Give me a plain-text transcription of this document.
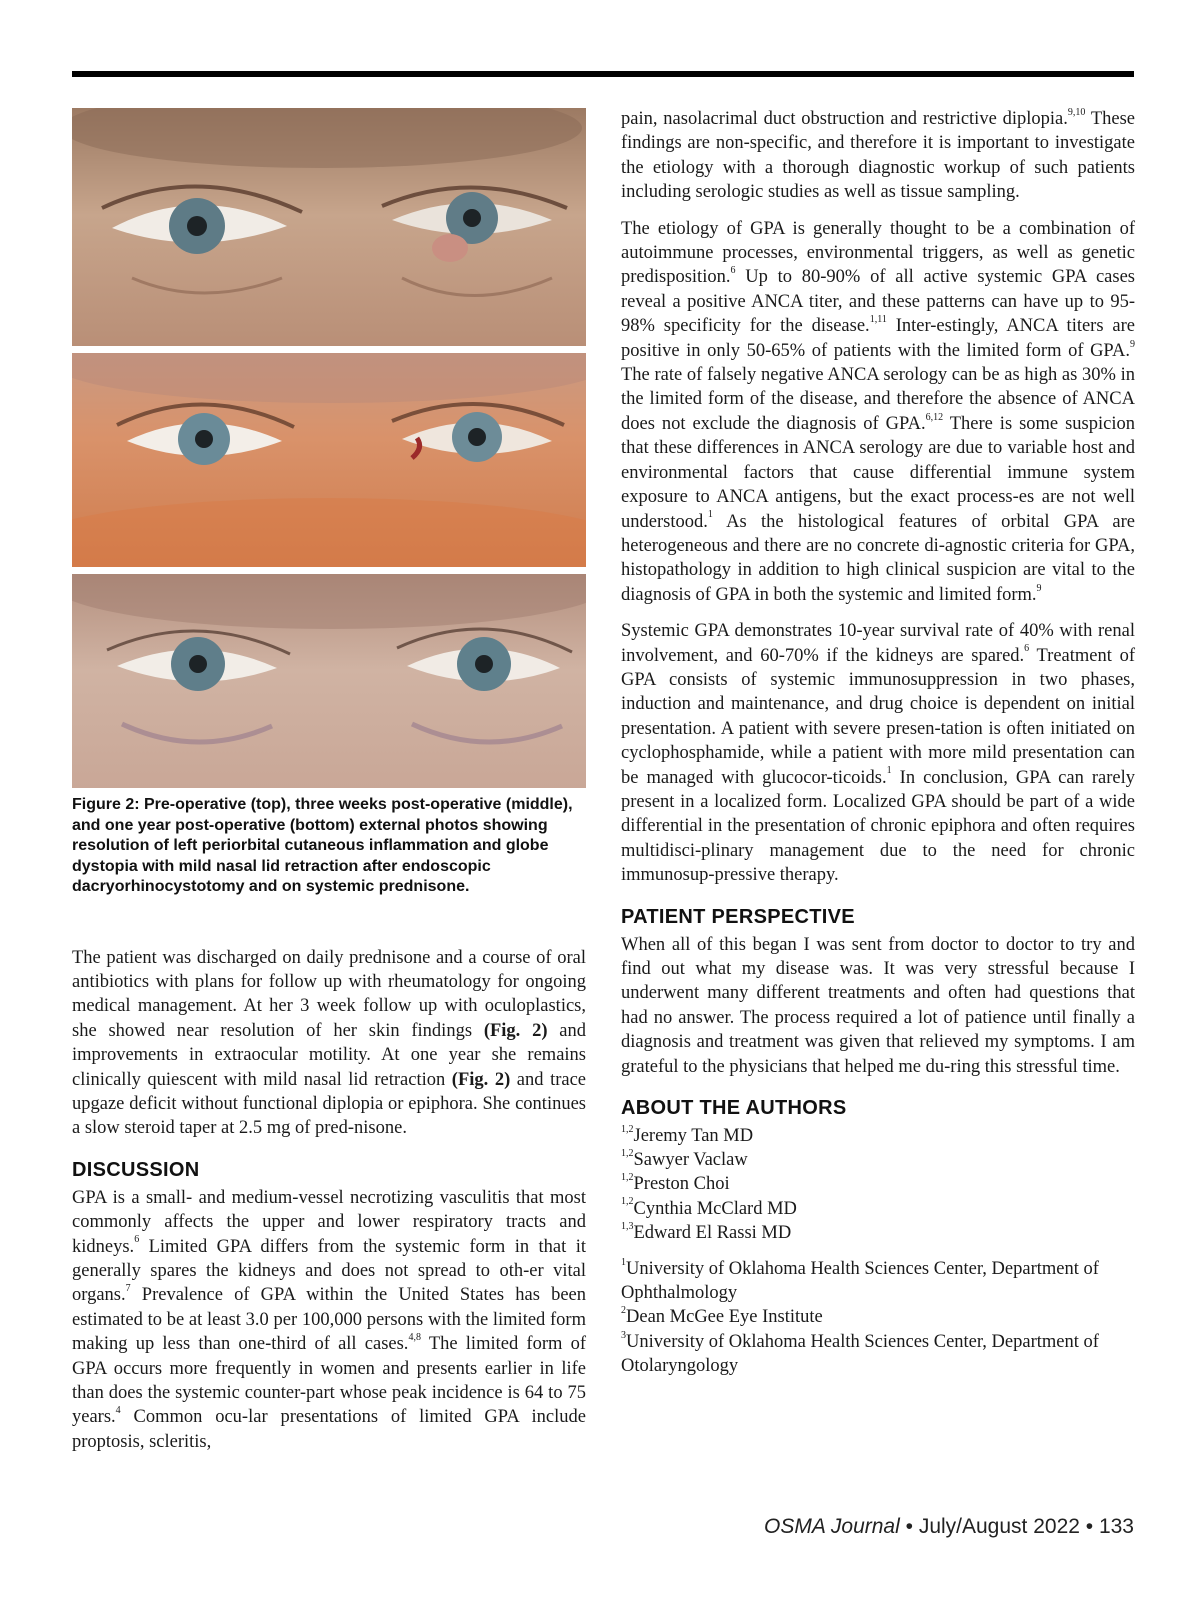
Figure 2: Pre-operative (top), three weeks post-operative (middle), and one year post-operative (bottom) external photos showing resolution of left periorbital cutaneous inflammation and globe dystopia with mild nasal lid retraction after endoscopic dacryorhinocystotomy and on systemic prednisone.

The patient was discharged on daily prednisone and a course of oral antibiotics with plans for follow up with rheumatology for ongoing medical management. At her 3 week follow up with oculoplastics, she showed near resolution of her skin findings (Fig. 2) and improvements in extraocular motility. At one year she remains clinically quiescent with mild nasal lid retraction (Fig. 2) and trace upgaze deficit without functional diplopia or epiphora. She continues a slow steroid taper at 2.5 mg of pred-nisone.

DISCUSSION

GPA is a small- and medium-vessel necrotizing vasculitis that most commonly affects the upper and lower respiratory tracts and kidneys.$^6$ Limited GPA differs from the systemic form in that it generally spares the kidneys and does not spread to oth-er vital organs.$^7$ Prevalence of GPA within the United States has been estimated to be at least 3.0 per 100,000 persons with the limited form making up less than one-third of all cases.$^{4,8}$ The limited form of GPA occurs more frequently in women and presents earlier in life than does the systemic counter-part whose peak incidence is 64 to 75 years.$^4$ Common ocu-lar presentations of limited GPA include proptosis, scleritis,

pain, nasolacrimal duct obstruction and restrictive diplopia.$^{9,10}$ These findings are non-specific, and therefore it is important to investigate the etiology with a thorough diagnostic workup of such patients including serologic studies as well as tissue sampling.

The etiology of GPA is generally thought to be a combination of autoimmune processes, environmental triggers, as well as genetic predisposition.$^6$ Up to 80-90% of all active systemic GPA cases reveal a positive ANCA titer, and these patterns can have up to 95-98% specificity for the disease.$^{1,11}$ Inter-estingly, ANCA titers are positive in only 50-65% of patients with the limited form of GPA.$^9$ The rate of falsely negative ANCA serology can be as high as 30% in the limited form of the disease, and therefore the absence of ANCA does not exclude the diagnosis of GPA.$^{6,12}$ There is some suspicion that these differences in ANCA serology are due to variable host and environmental factors that cause differential immune system exposure to ANCA antigens, but the exact process-es are not well understood.$^1$ As the histological features of orbital GPA are heterogeneous and there are no concrete di-agnostic criteria for GPA, histopathology in addition to high clinical suspicion are vital to the diagnosis of GPA in both the systemic and limited form.$^9$

Systemic GPA demonstrates 10-year survival rate of 40% with renal involvement, and 60-70% if the kidneys are spared.$^6$ Treatment of GPA consists of systemic immunosuppression in two phases, induction and maintenance, and drug choice is dependent on initial presentation. A patient with severe presen-tation is often initiated on cyclophosphamide, while a patient with more mild presentation can be managed with glucocor-ticoids.$^1$ In conclusion, GPA can rarely present in a localized form. Localized GPA should be part of a wide differential in the presentation of chronic epiphora and often requires multidisci-plinary management due to the need for chronic immunosup-pressive therapy.

PATIENT PERSPECTIVE

When all of this began I was sent from doctor to doctor to try and find out what my disease was. It was very stressful because I underwent many different treatments and often had questions that had no answer. The process required a lot of patience until finally a diagnosis and treatment was given that relieved my symptoms. I am grateful to the physicians that helped me du-ring this stressful time.

ABOUT THE AUTHORS
$^{1,2}$Jeremy Tan MD
$^{1,2}$Sawyer Vaclaw
$^{1,2}$Preston Choi
$^{1,2}$Cynthia McClard MD
$^{1,3}$Edward El Rassi MD
$^1$University of Oklahoma Health Sciences Center, Department of Ophthalmology
$^2$Dean McGee Eye Institute
$^3$University of Oklahoma Health Sciences Center, Department of Otolaryngology
OSMA Journal • July/August 2022 • 133
